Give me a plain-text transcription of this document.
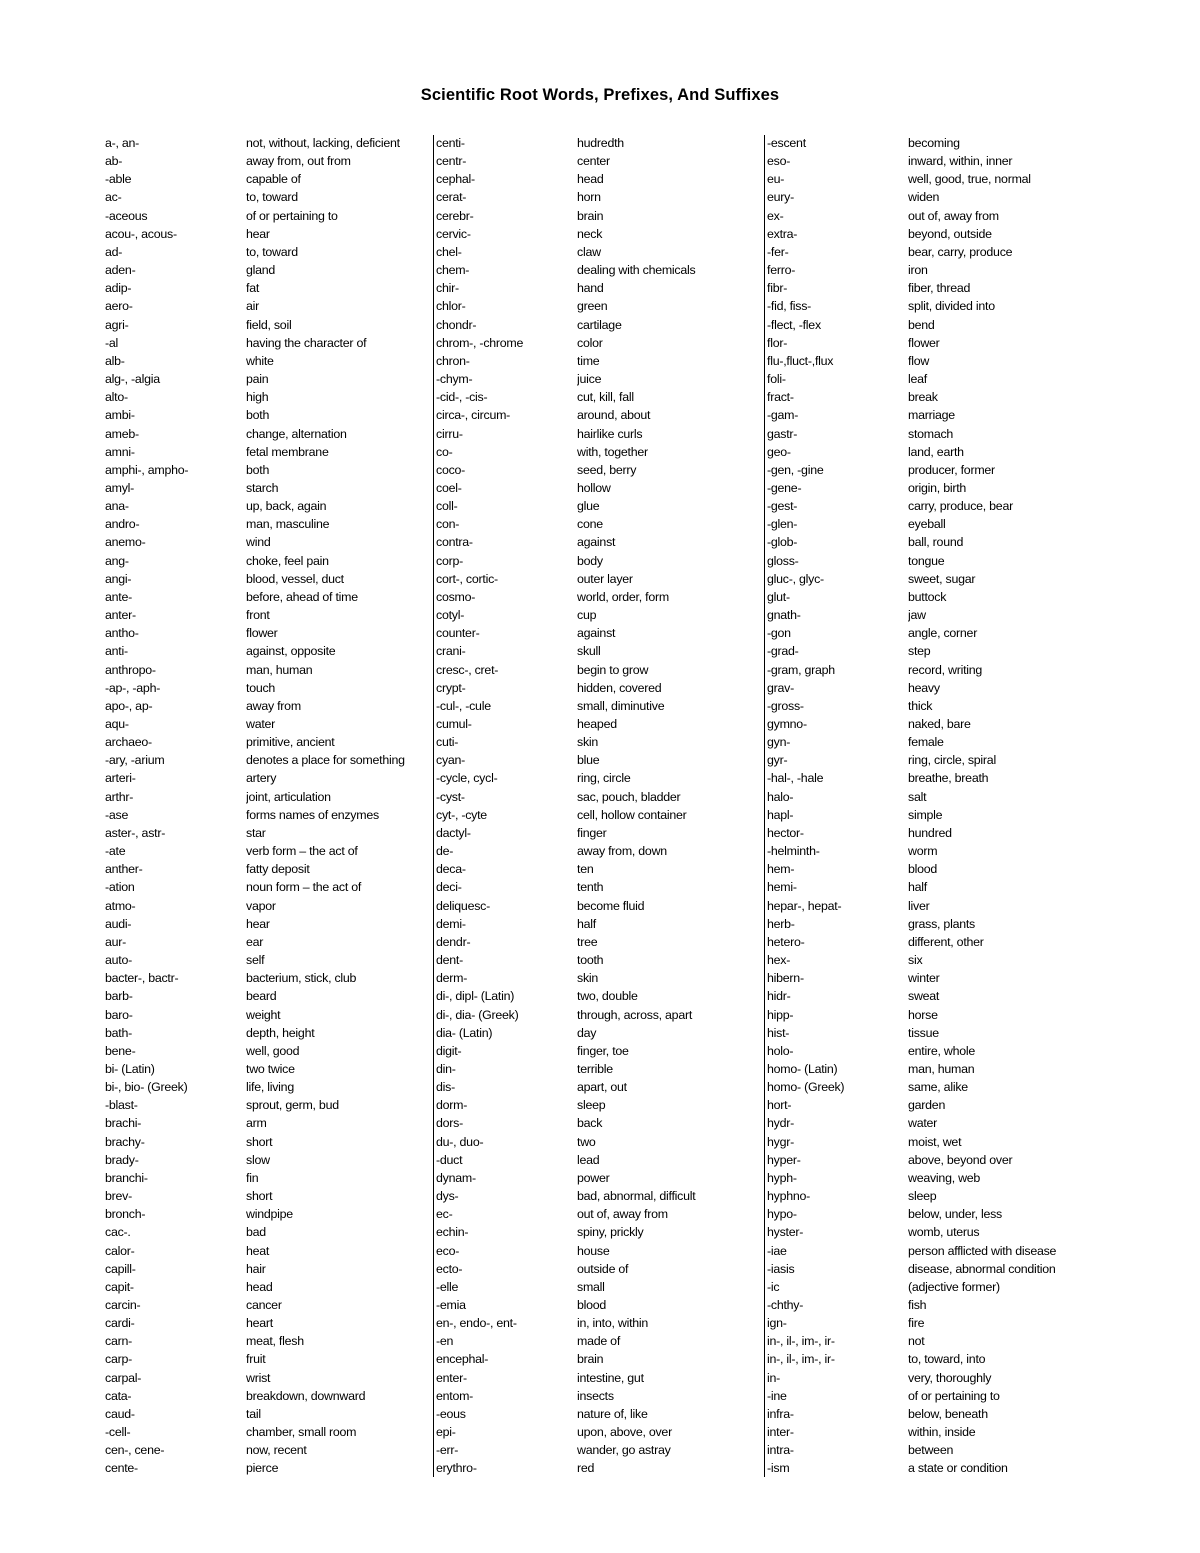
Scientific Root Words, Prefixes, And Suffixes
a-, an-	not, without, lacking, deficient
ab-	away from, out from
-able	capable of
ac-	to, toward
-aceous	of or pertaining to
acou-, acous-	hear
ad-	to, toward
aden-	gland
adip-	fat
aero-	air
agri-	field, soil
-al	having the character of
alb-	white
alg-, -algia	pain
alto-	high
ambi-	both
ameb-	change, alternation
amni-	fetal membrane
amphi-, ampho-	both
amyl-	starch
ana-	up, back, again
andro-	man, masculine
anemo-	wind
ang-	choke, feel pain
angi-	blood, vessel, duct
ante-	before, ahead of time
anter-	front
antho-	flower
anti-	against, opposite
anthropo-	man, human
-ap-, -aph-	touch
apo-, ap-	away from
aqu-	water
archaeo-	primitive, ancient
-ary, -arium	denotes a place for something
arteri-	artery
arthr-	joint, articulation
-ase	forms names of enzymes
aster-, astr-	star
-ate	verb form – the act of
anther-	fatty deposit
-ation	noun form – the act of
atmo-	vapor
audi-	hear
aur-	ear
auto-	self
bacter-, bactr-	bacterium, stick, club
barb-	beard
baro-	weight
bath-	depth, height
bene-	well, good
bi- (Latin)	two twice
bi-, bio- (Greek)	life, living
-blast-	sprout, germ, bud
brachi-	arm
brachy-	short
brady-	slow
branchi-	fin
brev-	short
bronch-	windpipe
cac-.	bad
calor-	heat
capill-	hair
capit-	head
carcin-	cancer
cardi-	heart
carn-	meat, flesh
carp-	fruit
carpal-	wrist
cata-	breakdown, downward
caud-	tail
-cell-	chamber, small room
cen-, cene-	now, recent
cente-	pierce
centi-	hudredth
centr-	center
cephal-	head
cerat-	horn
cerebr-	brain
cervic-	neck
chel-	claw
chem-	dealing with chemicals
chir-	hand
chlor-	green
chondr-	cartilage
chrom-, -chrome	color
chron-	time
-chym-	juice
-cid-, -cis-	cut, kill, fall
circa-, circum-	around, about
cirru-	hairlike curls
co-	with, together
coco-	seed, berry
coel-	hollow
coll-	glue
con-	cone
contra-	against
corp-	body
cort-, cortic-	outer layer
cosmo-	world, order, form
cotyl-	cup
counter-	against
crani-	skull
cresc-, cret-	begin to grow
crypt-	hidden, covered
-cul-, -cule	small, diminutive
cumul-	heaped
cuti-	skin
cyan-	blue
-cycle, cycl-	ring, circle
-cyst-	sac, pouch, bladder
cyt-, -cyte	cell, hollow container
dactyl-	finger
de-	away from, down
deca-	ten
deci-	tenth
deliquesc-	become fluid
demi-	half
dendr-	tree
dent-	tooth
derm-	skin
di-, dipl- (Latin)	two, double
di-, dia- (Greek)	through, across, apart
dia- (Latin)	day
digit-	finger, toe
din-	terrible
dis-	apart, out
dorm-	sleep
dors-	back
du-, duo-	two
-duct	lead
dynam-	power
dys-	bad, abnormal, difficult
ec-	out of, away from
echin-	spiny, prickly
eco-	house
ecto-	outside of
-elle	small
-emia	blood
en-, endo-, ent-	in, into, within
-en	made of
encephal-	brain
enter-	intestine, gut
entom-	insects
-eous	nature of, like
epi-	upon, above, over
-err-	wander, go astray
erythro-	red
-escent	becoming
eso-	inward, within, inner
eu-	well, good, true, normal
eury-	widen
ex-	out of, away from
extra-	beyond, outside
-fer-	bear, carry, produce
ferro-	iron
fibr-	fiber, thread
-fid, fiss-	split, divided into
-flect, -flex	bend
flor-	flower
flu-,fluct-,flux	flow
foli-	leaf
fract-	break
-gam-	marriage
gastr-	stomach
geo-	land, earth
-gen, -gine	producer, former
-gene-	origin, birth
-gest-	carry, produce, bear
-glen-	eyeball
-glob-	ball, round
gloss-	tongue
gluc-, glyc-	sweet, sugar
glut-	buttock
gnath-	jaw
-gon	angle, corner
-grad-	step
-gram, graph	record, writing
grav-	heavy
-gross-	thick
gymno-	naked, bare
gyn-	female
gyr-	ring, circle, spiral
-hal-, -hale	breathe, breath
halo-	salt
hapl-	simple
hector-	hundred
-helminth-	worm
hem-	blood
hemi-	half
hepar-, hepat-	liver
herb-	grass, plants
hetero-	different, other
hex-	six
hibern-	winter
hidr-	sweat
hipp-	horse
hist-	tissue
holo-	entire, whole
homo- (Latin)	man, human
homo- (Greek)	same, alike
hort-	garden
hydr-	water
hygr-	moist, wet
hyper-	above, beyond over
hyph-	weaving, web
hyphno-	sleep
hypo-	below, under, less
hyster-	womb, uterus
-iae	person afflicted with disease
-iasis	disease, abnormal condition
-ic	(adjective former)
-chthy-	fish
ign-	fire
in-, il-, im-, ir-	not
in-, il-, im-, ir-	to, toward, into
in-	very, thoroughly
-ine	of or pertaining to
infra-	below, beneath
inter-	within, inside
intra-	between
-ism	a state or condition
